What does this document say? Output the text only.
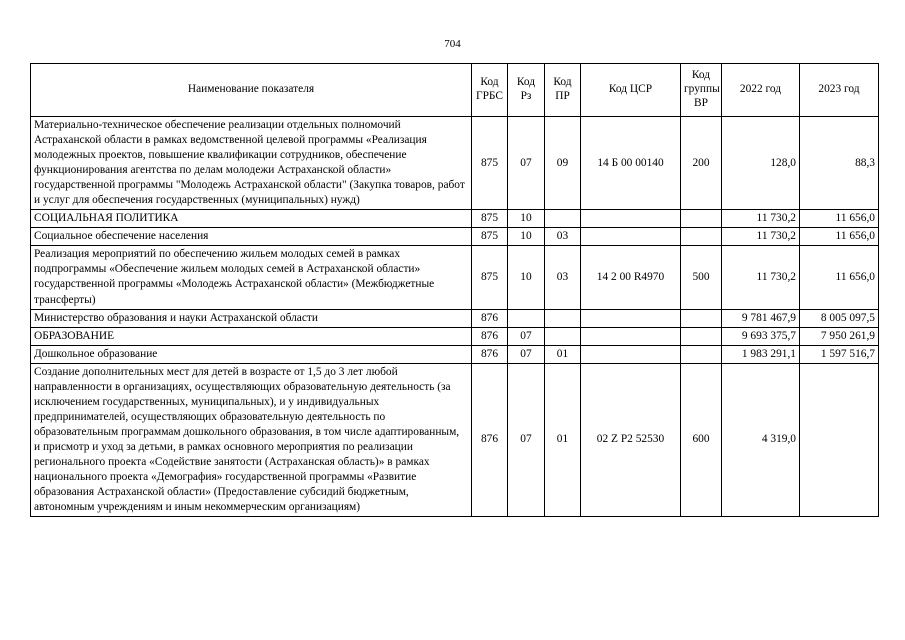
704
Наименование показателя	Код ГРБС	Код Рз	Код ПР	Код ЦСР	Код группы ВР	2022 год	2023 год
Материально-техническое обеспечение реализации отдельных полномочий Астраханской области в рамках ведомственной целевой программы «Реализация молодежных проектов, повышение квалификации сотрудников, обеспечение функционирования агентства по делам молодежи Астраханской области» государственной программы "Молодежь Астраханской области" (Закупка товаров, работ и услуг для обеспечения государственных (муниципальных) нужд)	875	07	09	14 Б 00 00140	200	128,0	88,3
СОЦИАЛЬНАЯ ПОЛИТИКА	875	10				11 730,2	11 656,0
Социальное обеспечение населения	875	10	03			11 730,2	11 656,0
Реализация мероприятий по обеспечению жильем молодых семей в рамках подпрограммы «Обеспечение жильем молодых семей в Астраханской области» государственной программы «Молодежь Астраханской области» (Межбюджетные трансферты)	875	10	03	14 2 00 R4970	500	11 730,2	11 656,0
Министерство образования и науки Астраханской области	876					9 781 467,9	8 005 097,5
ОБРАЗОВАНИЕ	876	07				9 693 375,7	7 950 261,9
Дошкольное образование	876	07	01			1 983 291,1	1 597 516,7
Создание дополнительных мест для детей в возрасте от 1,5 до 3 лет любой направленности в организациях, осуществляющих образовательную деятельность (за исключением государственных, муниципальных), и у индивидуальных предпринимателей, осуществляющих образовательную деятельность по образовательным программам дошкольного образования, в том числе адаптированным, и присмотр и уход за детьми, в рамках основного мероприятия по реализации регионального проекта «Содействие занятости (Астраханская область)» в рамках национального проекта «Демография» государственной программы «Развитие образования Астраханской области» (Предоставление субсидий бюджетным, автономным учреждениям и иным некоммерческим организациям)	876	07	01	02 Z P2 52530	600	4 319,0	
